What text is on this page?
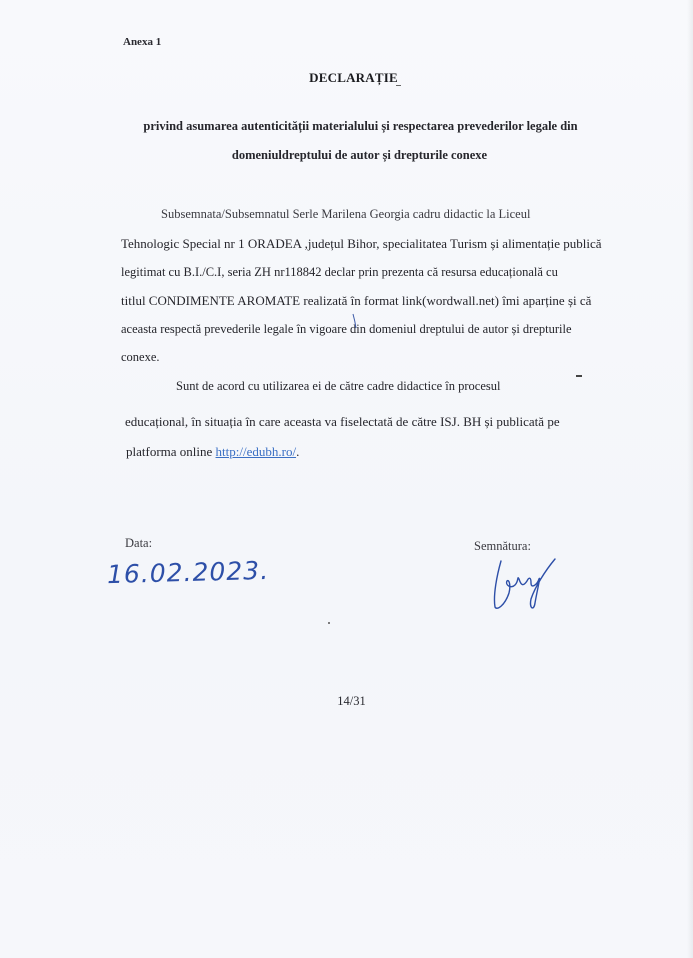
Anexa 1
DECLARAȚIE
privind asumarea autenticității materialului și respectarea prevederilor legale din
domeniuldreptului de autor și drepturile conexe
Subsemnata/Subsemnatul Serle Marilena Georgia cadru didactic la Liceul
Tehnologic Special nr 1 ORADEA ,județul Bihor, specialitatea Turism și alimentație publică
legitimat cu B.I./C.I, seria ZH nr118842 declar prin prezenta că resursa educațională cu
titlul CONDIMENTE AROMATE realizată în format link(wordwall.net) îmi aparține și că
aceasta respectă prevederile legale în vigoare din domeniul dreptului de autor și drepturile
conexe.
Sunt de acord cu utilizarea ei de către cadre didactice în procesul
educațional, în situația în care aceasta va fiselectată de către ISJ. BH și publicată pe
platforma online http://edubh.ro/.
Data:
16.02.2023.
Semnătura:
14/31
